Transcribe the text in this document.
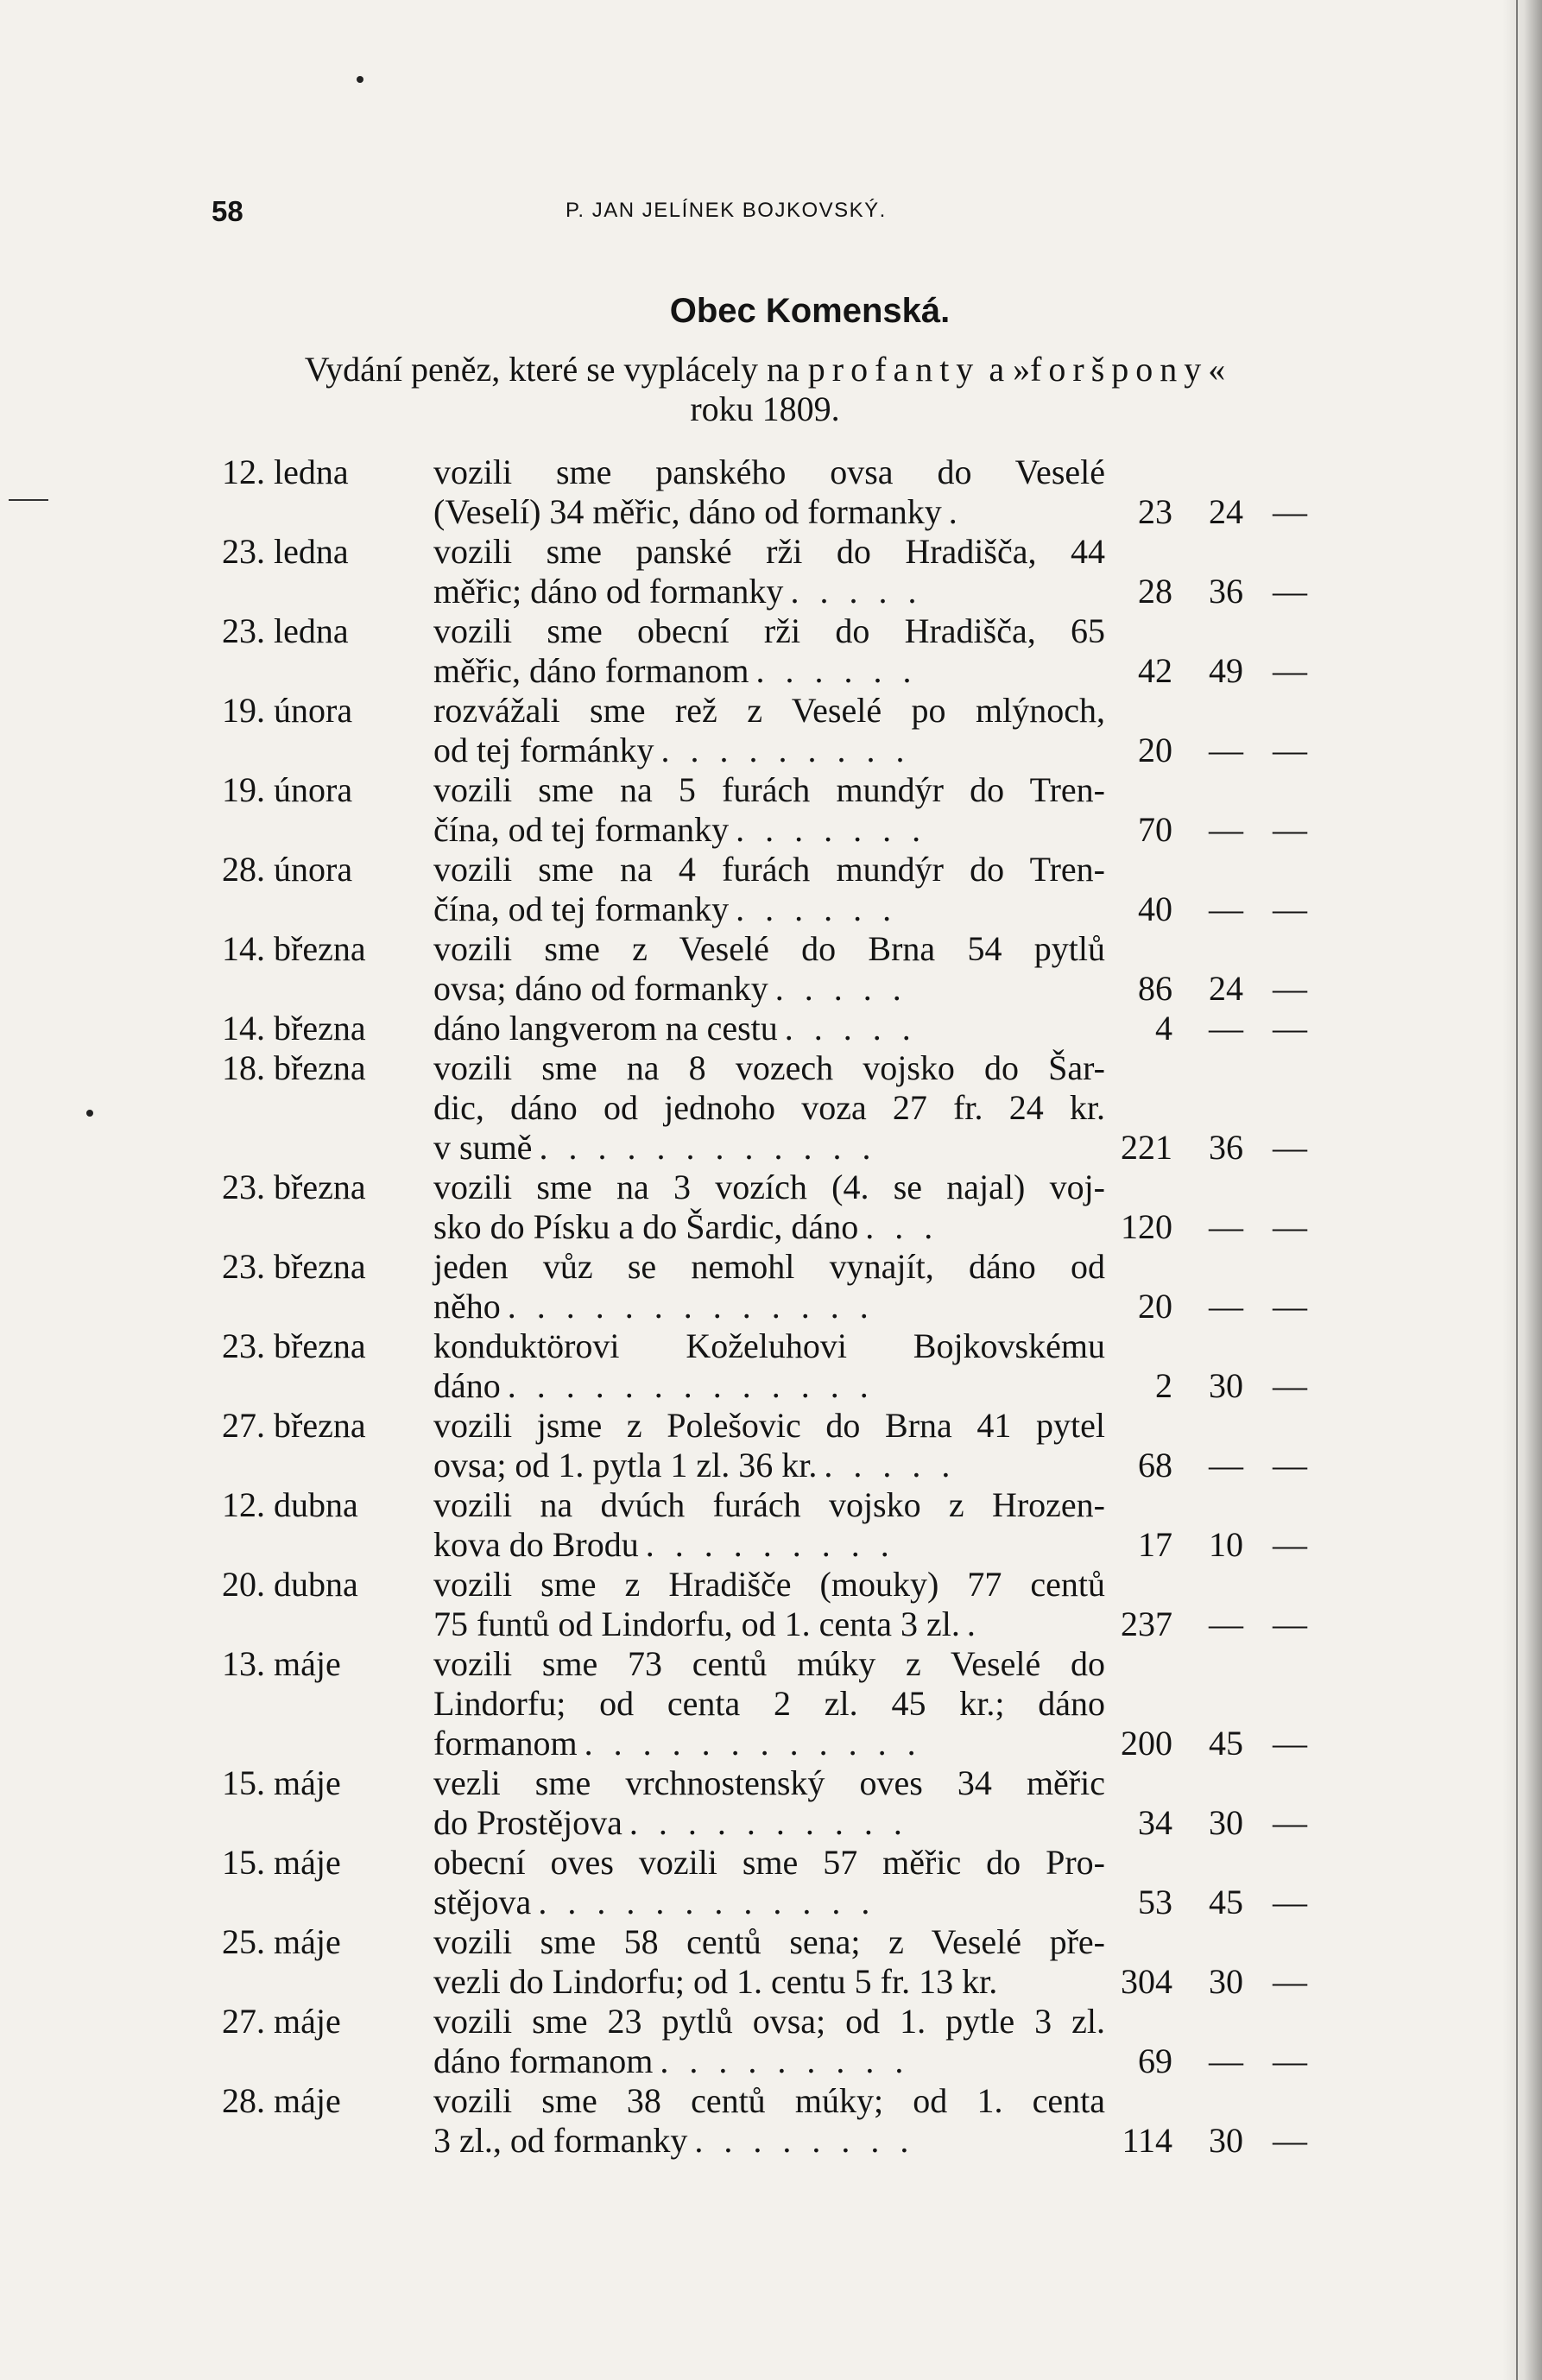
58	P. JAN JELÍNEK BOJKOVSKÝ.
Obec Komenská.
Vydání peněz, které se vyplácely na profanty a »foršpony«
roku 1809.
12. ledna vozili sme panského ovsa do Veselé
(Veselí) 34 měřic, dáno od formanky .	23	24 —
23. ledna vozili sme panské rži do Hradišča, 44
měřic; dáno od formanky . . . . .	28	36 —
23. ledna vozili sme obecní rži do Hradišča, 65
měřic, dáno formanom . . . . . .	42	49 —
19. února rozvážali sme rež z Veselé po mlýnoch,
od tej formánky . . . . . . . . .	20	— —
19. února vozili sme na 5 furách mundýr do Tren-
čína, od tej formanky . . . . . . .	70	— —
28. února vozili sme na 4 furách mundýr do Tren-
čína, od tej formanky . . . . . .	40	— —
14. března vozili sme z Veselé do Brna 54 pytlů
ovsa; dáno od formanky . . . . .	86	24 —
14. března dáno langverom na cestu . . . . .	4	— —
18. března vozili sme na 8 vozech vojsko do Šar-
dic, dáno od jednoho voza 27 fr. 24 kr.
v sumě . . . . . . . . . . . .	221	36 —
23. března vozili sme na 3 vozích (4. se najal) voj-
sko do Písku a do Šardic, dáno . . .	120	— —
23. března jeden vůz se nemohl vynajít, dáno od
něho . . . . . . . . . . . . .	20	— —
23. března konduktörovi Koželuhovi Bojkovskému
dáno . . . . . . . . . . . . .	2	30 —
27. března vozili jsme z Polešovic do Brna 41 pytel
ovsa; od 1. pytla 1 zl. 36 kr. . . . . .	68	— —
12. dubna vozili na dvúch furách vojsko z Hrozen-
kova do Brodu . . . . . . . . .	17	10 —
20. dubna vozili sme z Hradišče (mouky) 77 centů
75 funtů od Lindorfu, od 1. centa 3 zl. .	237	— —
13. máje	vozili sme 73 centů múky z Veselé do
Lindorfu; od centa 2 zl. 45 kr.; dáno
formanom . . . . . . . . . . . .	200	45 —
15. máje	vezli sme vrchnostenský oves 34 měřic
do Prostějova . . . . . . . . . .	34	30 —
15. máje	obecní oves vozili sme 57 měřic do Pro-
stějova . . . . . . . . . . . .	53	45 —
25. máje	vozili sme 58 centů sena; z Veselé pře-
vezli do Lindorfu; od 1. centu 5 fr. 13 kr.	304	30 —
27. máje	vozili sme 23 pytlů ovsa; od 1. pytle 3 zl.
dáno formanom . . . . . . . . .	69	— —
28. máje	vozili sme 38 centů múky; od 1. centa
3 zl., od formanky . . . . . . . .	114	30 —
